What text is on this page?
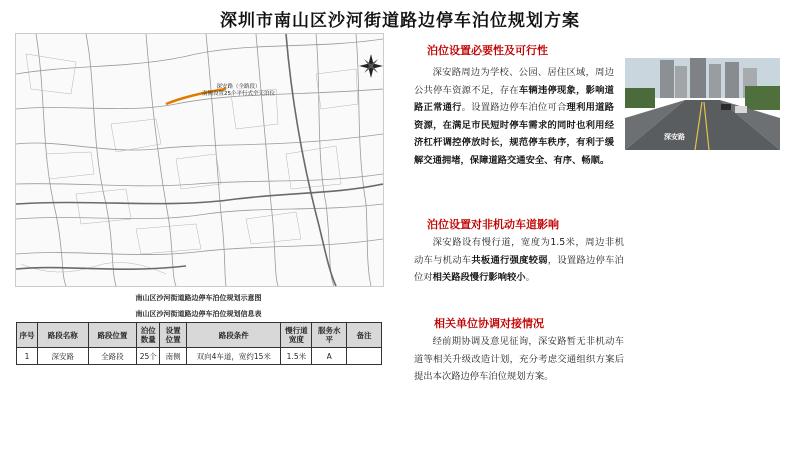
深圳市南山区沙河街道路边停车泊位规划方案
深安路（全路段）
南侧设置25个平行式全天泊位
南山区沙河街道路边停车泊位规划示意图
南山区沙河街道路边停车泊位规划信息表
序号	路段名称	路段位置	泊位数量	设置位置	路段条件	慢行道宽度	服务水平	备注
1	深安路	全路段	25个	南侧	双向4车道，宽约15米	1.5米	A	
泊位设置必要性及可行性
深安路周边为学校、公园、居住区域，周边公共停车资源不足，存在车辆违停现象，影响道路正常通行。设置路边停车泊位可合理利用道路资源，在满足市民短时停车需求的同时也利用经济杠杆调控停放时长，规范停车秩序，有利于缓解交通拥堵，保障道路交通安全、有序、畅顺。
深安路
泊位设置对非机动车道影响
深安路设有慢行道，宽度为1.5米，周边非机动车与机动车共板通行强度较弱，设置路边停车泊位对相关路段慢行影响较小。
相关单位协调对接情况
经前期协调及意见征询，深安路暂无非机动车道等相关升级改造计划，充分考虑交通组织方案后提出本次路边停车泊位规划方案。
